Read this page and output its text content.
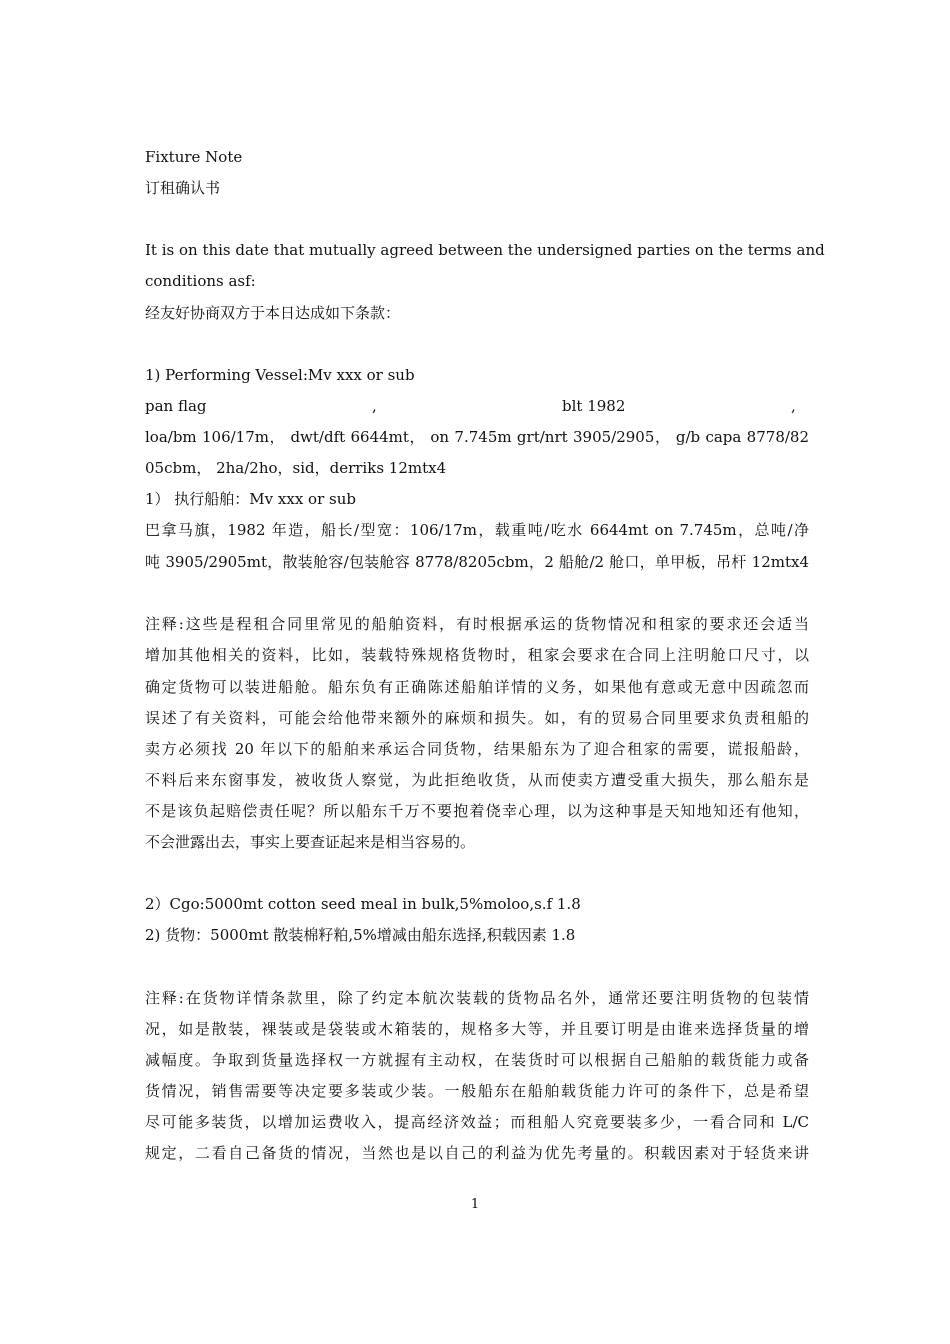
Fixture Note
订租确认书
It is on this date that mutually agreed between the undersigned parties on the terms and
conditions asf:
经友好协商双方于本日达成如下条款：
1) Performing Vessel:Mv xxx or sub
pan flag	,	blt 1982	,
loa/bm 106/17m， dwt/dft 6644mt， on 7.745m grt/nrt 3905/2905， g/b capa 8778/82
05cbm， 2ha/2ho，sid，derriks 12mtx4
1） 执行船舶：Mv xxx or sub
巴拿马旗，1982 年造，船长/型宽：106/17m，载重吨/吃水 6644mt on 7.745m，总吨/净
吨 3905/2905mt，散装舱容/包装舱容 8778/8205cbm，2 船舱/2 舱口，单甲板，吊杆 12mtx4
注释:这些是程租合同里常见的船舶资料，有时根据承运的货物情况和租家的要求还会适当
增加其他相关的资料，比如，装载特殊规格货物时，租家会要求在合同上注明舱口尺寸，以
确定货物可以装进船舱。船东负有正确陈述船舶详情的义务，如果他有意或无意中因疏忽而
误述了有关资料，可能会给他带来额外的麻烦和损失。如，有的贸易合同里要求负责租船的
卖方必须找 20 年以下的船舶来承运合同货物，结果船东为了迎合租家的需要，谎报船龄，
不料后来东窗事发，被收货人察觉，为此拒绝收货，从而使卖方遭受重大损失，那么船东是
不是该负起赔偿责任呢？所以船东千万不要抱着侥幸心理，以为这种事是天知地知还有他知，
不会泄露出去，事实上要查证起来是相当容易的。
2）Cgo:5000mt cotton seed meal in bulk,5%moloo,s.f 1.8
2) 货物：5000mt 散装棉籽粕,5%增减由船东选择,积载因素 1.8
注释:在货物详情条款里，除了约定本航次装载的货物品名外，通常还要注明货物的包装情
况，如是散装，裸装或是袋装或木箱装的，规格多大等，并且要订明是由谁来选择货量的增
减幅度。争取到货量选择权一方就握有主动权，在装货时可以根据自己船舶的载货能力或备
货情况，销售需要等决定要多装或少装。一般船东在船舶载货能力许可的条件下，总是希望
尽可能多装货，以增加运费收入，提高经济效益；而租船人究竟要装多少，一看合同和 L/C
规定，二看自己备货的情况，当然也是以自己的利益为优先考量的。积载因素对于轻货来讲
1
